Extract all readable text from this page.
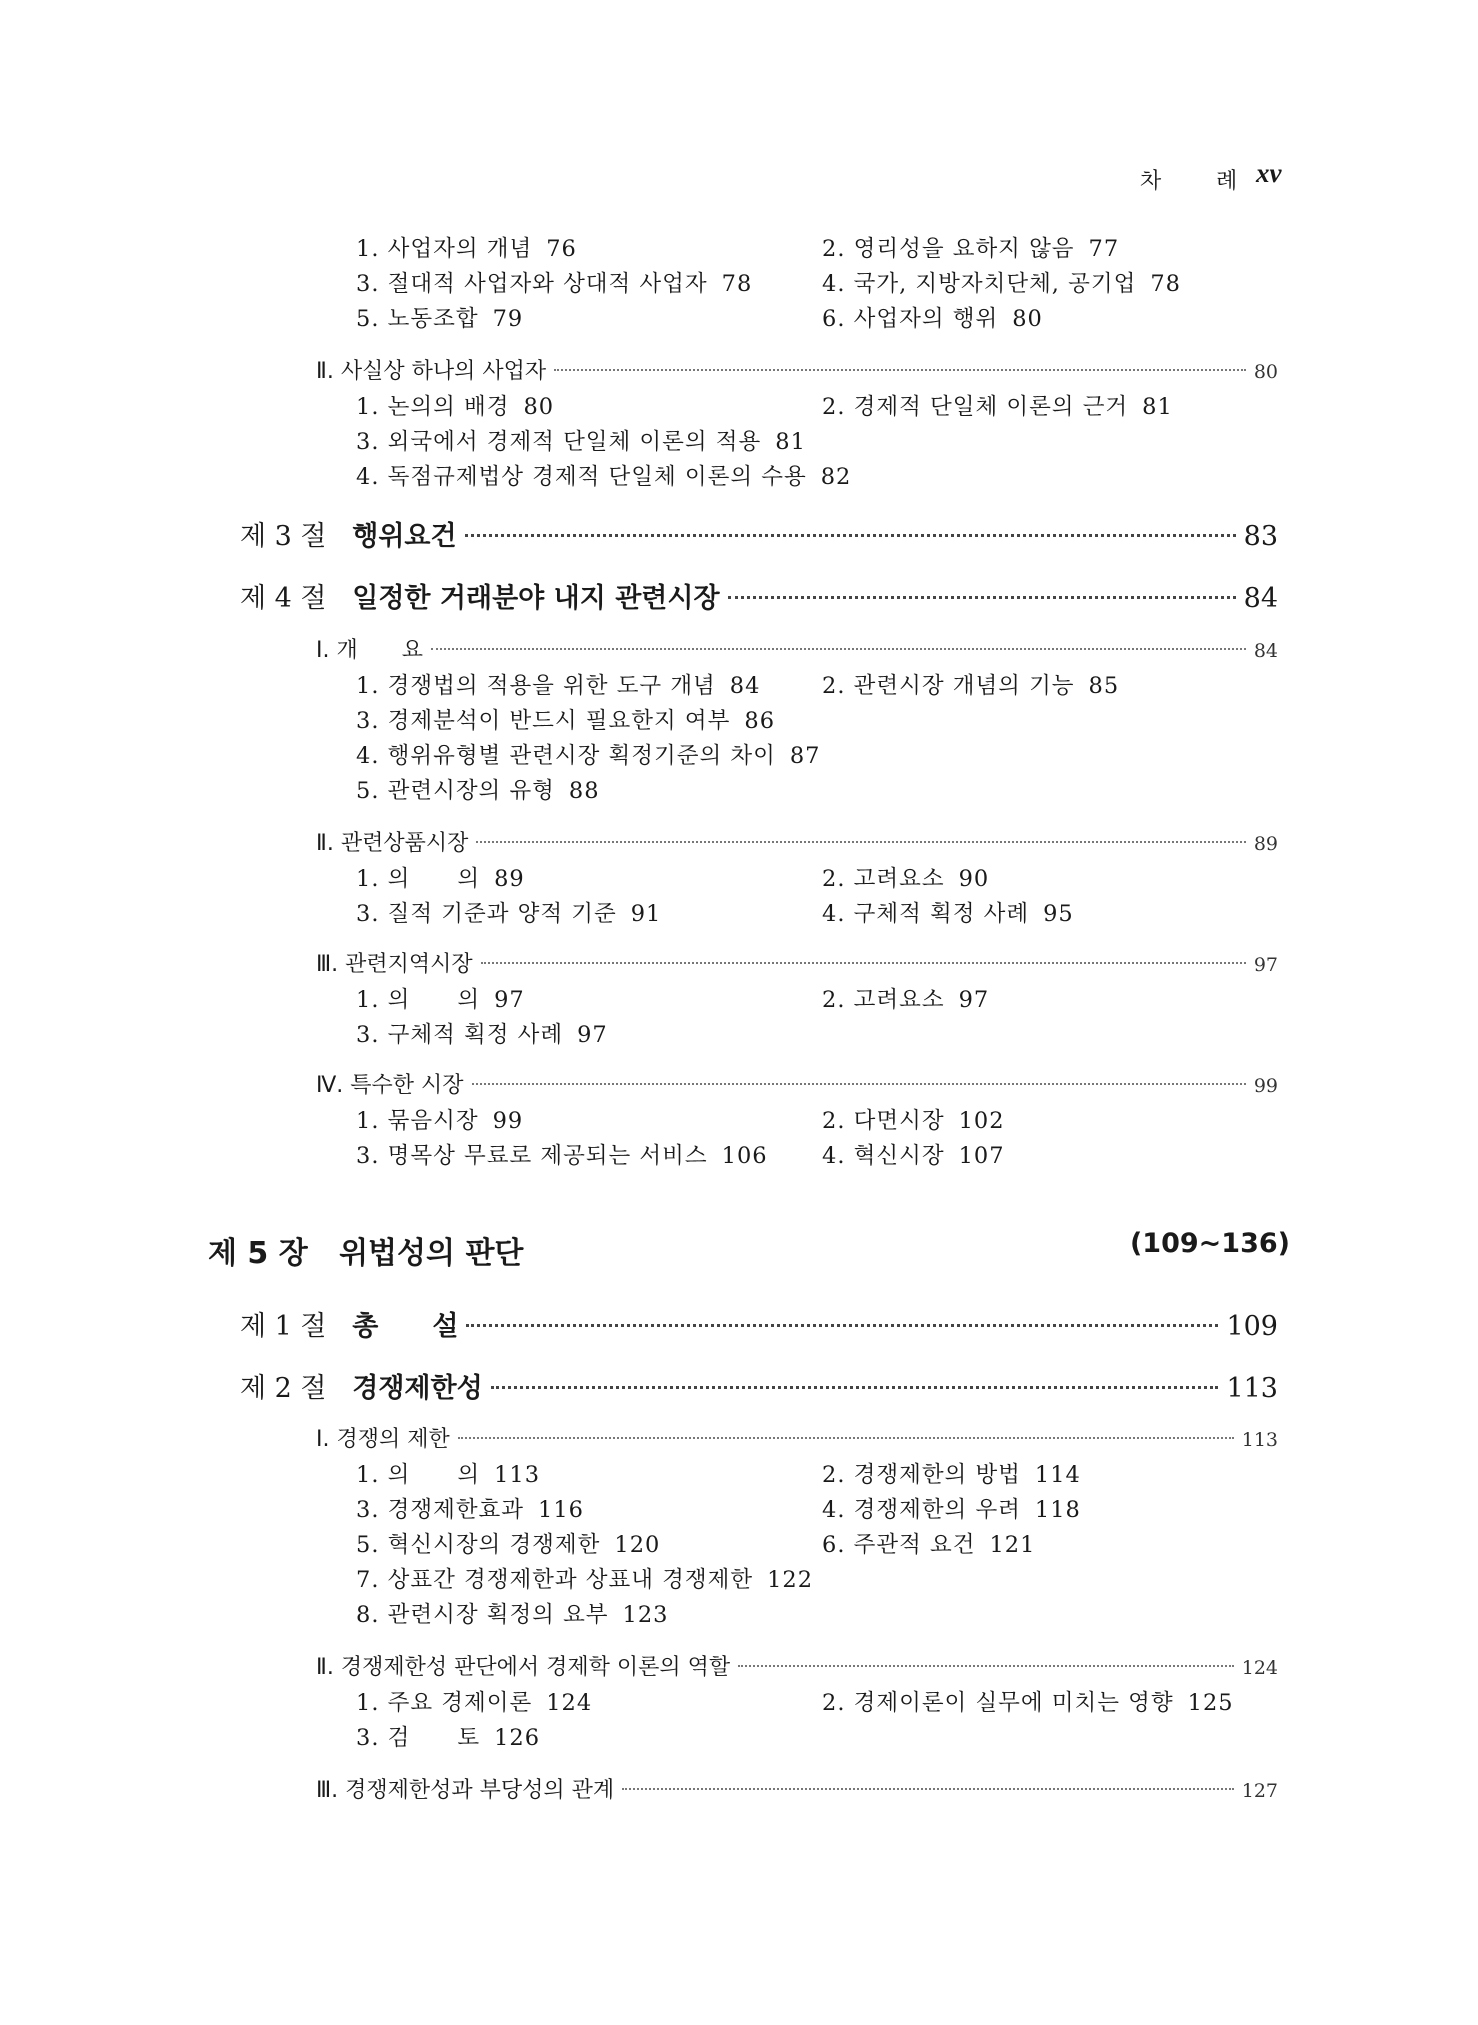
차 례 xv
1. 사업자의 개념 76	2. 영리성을 요하지 않음 77
3. 절대적 사업자와 상대적 사업자 78	4. 국가, 지방자치단체, 공기업 78
5. 노동조합 79	6. 사업자의 행위 80
Ⅱ.
사실상 하나의 사업자	80
1. 논의의 배경 80	2. 경제적 단일체 이론의 근거 81
3. 외국에서 경제적 단일체 이론의 적용 81
4. 독점규제법상 경제적 단일체 이론의 수용 82
제 3 절
행위요건	83
제 4 절
일정한 거래분야 내지 관련시장	84
Ⅰ.
개　　요	84
1. 경쟁법의 적용을 위한 도구 개념 84	2. 관련시장 개념의 기능 85
3. 경제분석이 반드시 필요한지 여부 86
4. 행위유형별 관련시장 획정기준의 차이 87
5. 관련시장의 유형 88
Ⅱ.
관련상품시장	89
1. 의　　의 89	2. 고려요소 90
3. 질적 기준과 양적 기준 91	4. 구체적 획정 사례 95
Ⅲ.
관련지역시장	97
1. 의　　의 97	2. 고려요소 97
3. 구체적 획정 사례 97
Ⅳ.
특수한 시장	99
1. 묶음시장 99	2. 다면시장 102
3. 명목상 무료로 제공되는 서비스 106 4. 혁신시장 107
제 5 장 위법성의 판단	(109~136)
제 1 절
총　　설	109
제 2 절
경쟁제한성	113
Ⅰ.
경쟁의 제한	113
1. 의　　의 113	2. 경쟁제한의 방법 114
3. 경쟁제한효과 116	4. 경쟁제한의 우려 118
5. 혁신시장의 경쟁제한 120	6. 주관적 요건 121
7. 상표간 경쟁제한과 상표내 경쟁제한 122
8. 관련시장 획정의 요부 123
Ⅱ.
경쟁제한성 판단에서 경제학 이론의 역할	124
1. 주요 경제이론 124	2. 경제이론이 실무에 미치는 영향 125
3. 검　　토 126
Ⅲ.
경쟁제한성과 부당성의 관계	127
